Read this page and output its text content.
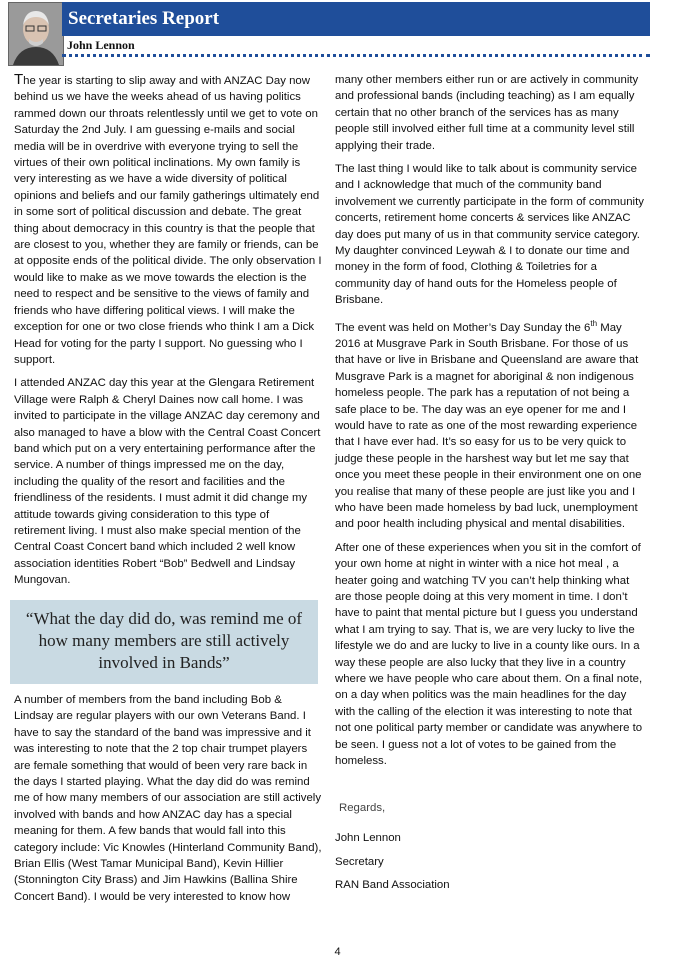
Secretaries Report
John Lennon

The year is starting to slip away and with ANZAC Day now behind us we have the weeks ahead of us having politics rammed down our throats relentlessly until we get to vote on Saturday the 2nd July. I am guessing e-mails and social media will be in overdrive with everyone trying to sell the virtues of their own political inclinations. My own family is very interesting as we have a wide diversity of political opinions and beliefs and our family gatherings ultimately end in some sort of political discussion and debate. The great thing about democracy in this country is that the people that are closest to you, whether they are family or friends, can be at opposite ends of the political divide. The only observation I would like to make as we move towards the election is the need to respect and be sensitive to the views of family and friends who have differing political views. I will make the exception for one or two close friends who think I am a Dick Head for voting for the party I support. No guessing who I support.

I attended ANZAC day this year at the Glengara Retirement Village were Ralph & Cheryl Daines now call home. I was invited to participate in the village ANZAC day ceremony and also managed to have a blow with the Central Coast Concert band which put on a very entertaining performance after the service. A number of things impressed me on the day, including the quality of the resort and facilities and the friendliness of the residents. I must admit it did change my attitude towards giving consideration to this type of retirement living. I must also make special mention of the Central Coast Concert band which included 2 well know association identities Robert “Bob” Bedwell and Lindsay Mungovan.

“What the day did do, was remind me of how many members are still actively involved in Bands”

A number of members from the band including Bob & Lindsay are regular players with our own Veterans Band. I have to say the standard of the band was impressive and it was interesting to note that the 2 top chair trumpet players are female something that would of been very rare back in the days I started playing. What the day did do was remind me of how many members of our association are still actively involved with bands and how ANZAC day has a special meaning for them. A few bands that would fall into this category include: Vic Knowles (Hinterland Community Band), Brian Ellis (West Tamar Municipal Band), Kevin Hillier (Stonnington City Brass) and Jim Hawkins (Ballina Shire Concert Band). I would be very interested to know how

many other members either run or are actively in community and professional bands (including teaching) as I am equally certain that no other branch of the services has as many people still involved either full time at a community level still applying their trade.

The last thing I would like to talk about is community service and I acknowledge that much of the community band involvement we currently participate in the form of community concerts, retirement home concerts & services like ANZAC day does put many of us in that community service category. My daughter convinced Leywah & I to donate our time and money in the form of food, Clothing & Toiletries for a community day of hand outs for the Homeless people of Brisbane.

The event was held on Mother’s Day Sunday the 6th May 2016 at Musgrave Park in South Brisbane. For those of us that have or live in Brisbane and Queensland are aware that Musgrave Park is a magnet for aboriginal & non indigenous homeless people. The park has a reputation of not being a safe place to be. The day was an eye opener for me and I would have to rate as one of the most rewarding experience that I have ever had. It’s so easy for us to be very quick to judge these people in the harshest way but let me say that once you meet these people in their environment one on one you realise that many of these people are just like you and I who have been made homeless by bad luck, unemployment and poor health including physical and mental disabilities.

After one of these experiences when you sit in the comfort of your own home at night in winter with a nice hot meal , a heater going and watching TV you can’t help thinking what are those people doing at this very moment in time. I don’t have to paint that mental picture but I guess you understand what I am trying to say. That is, we are very lucky to live the lifestyle we do and are lucky to live in a county like ours. In a way these people are also lucky that they live in a country where we have people who care about them. On a final note, on a day when politics was the main headlines for the day with the calling of the election it was interesting to note that not one political party member or candidate was anywhere to be seen. I guess not a lot of votes to be gained from the homeless.

Regards,
John Lennon
Secretary
RAN Band Association
4
